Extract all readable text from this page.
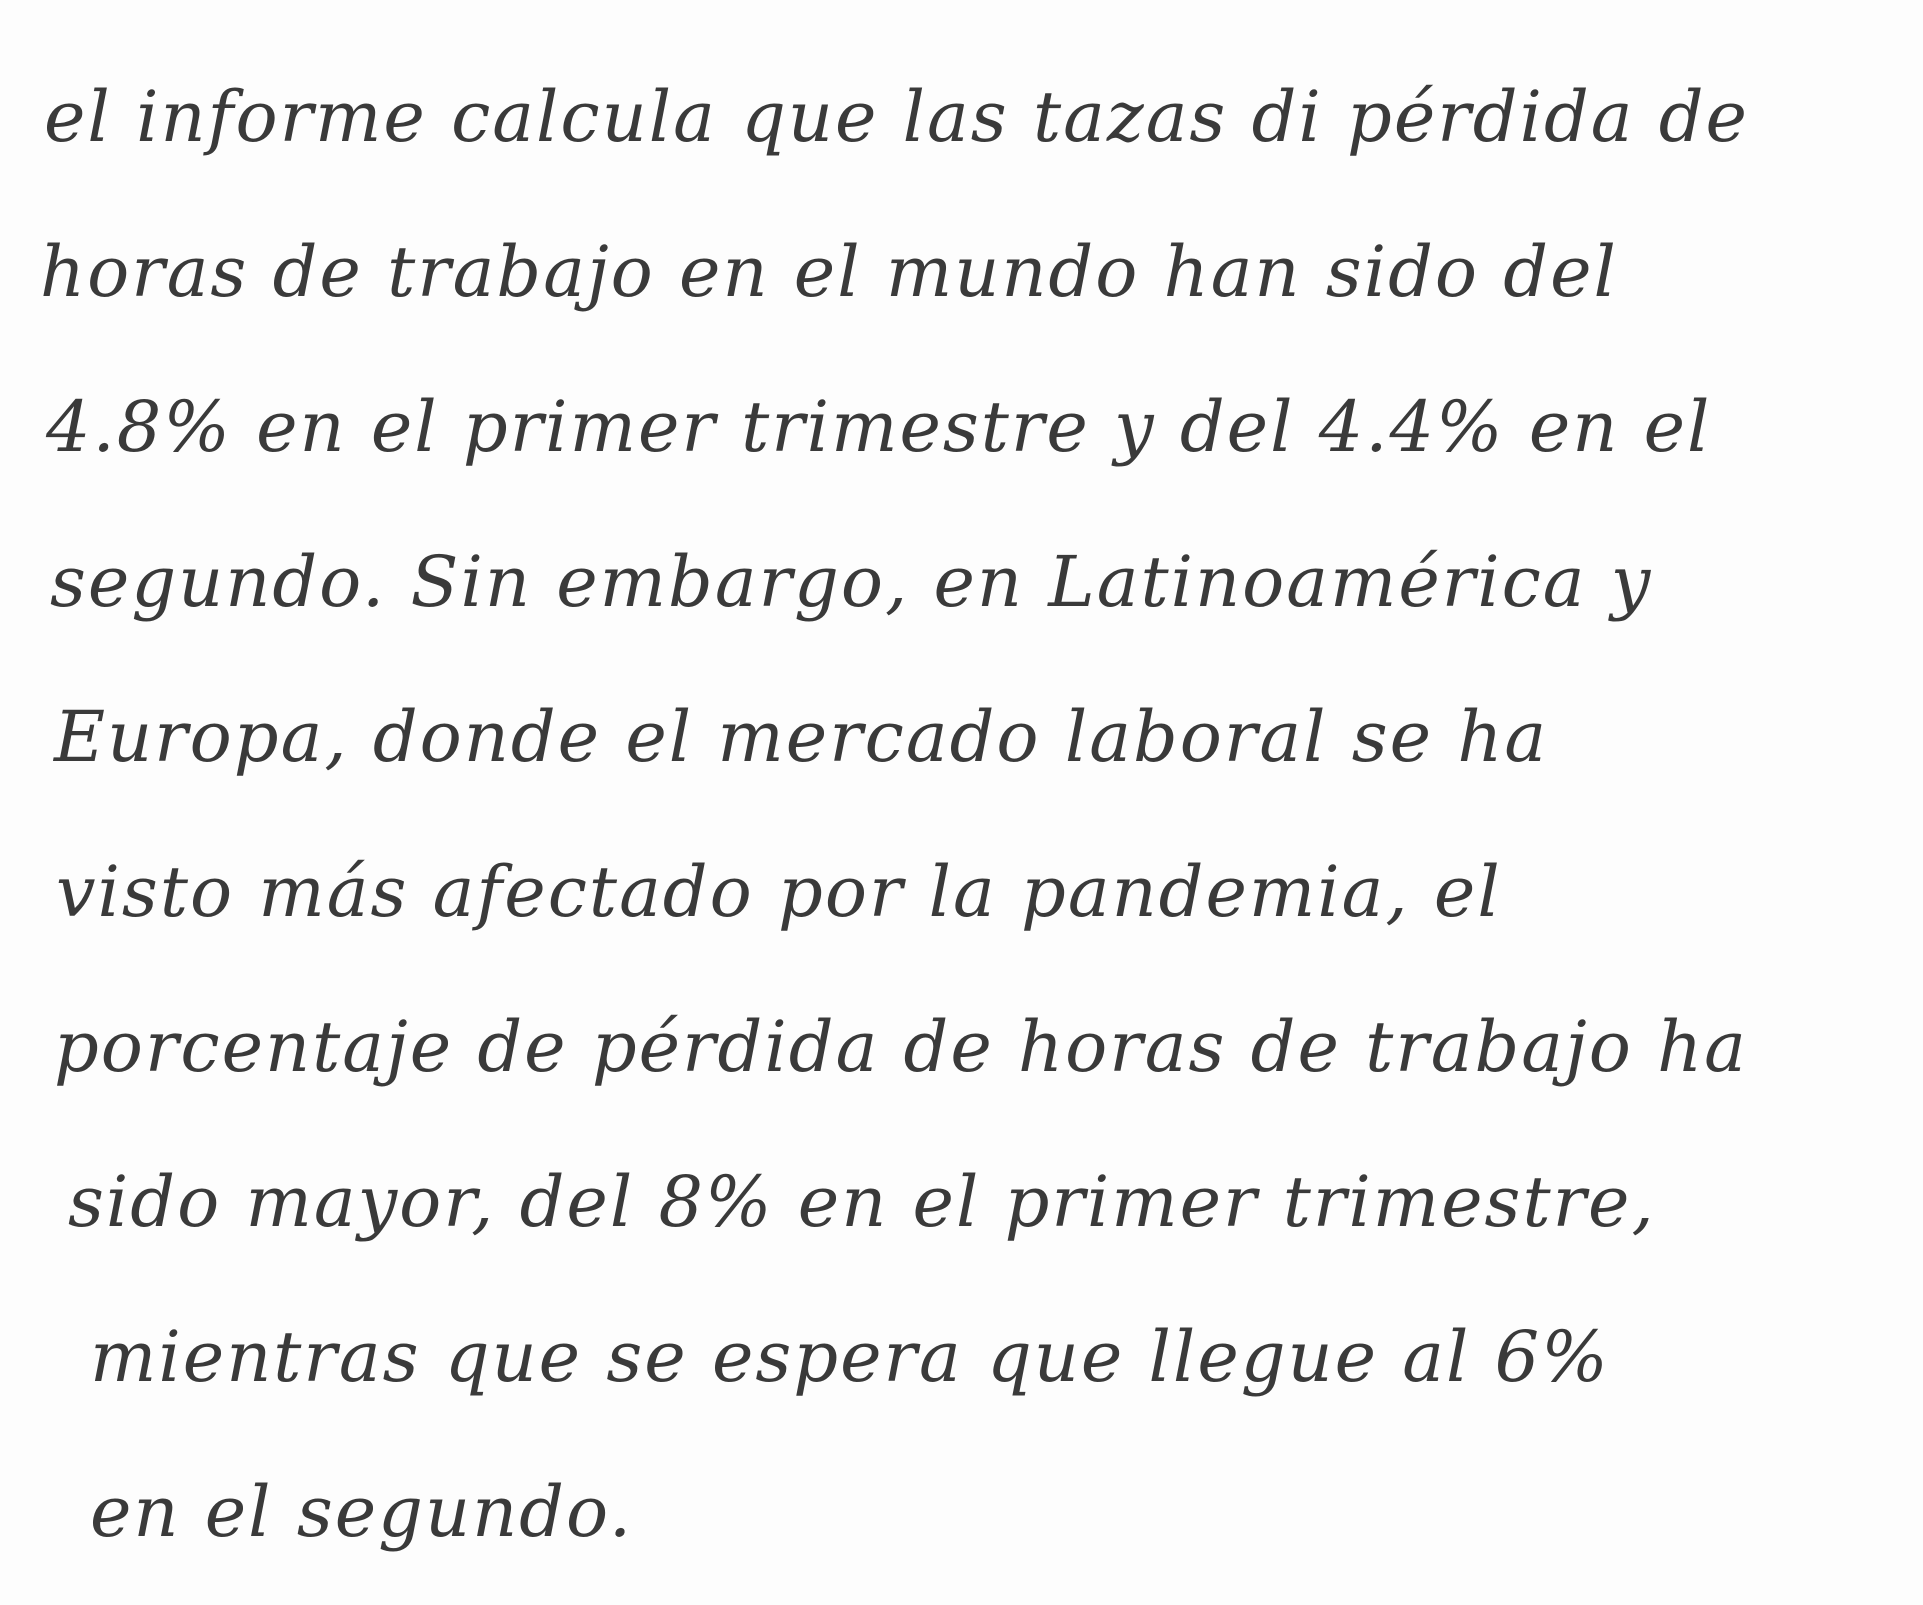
el informe calcula que las tazas di pérdida de
horas de trabajo en el mundo han sido del
4.8% en el primer trimestre y del 4.4% en el
segundo. Sin embargo, en Latinoamérica y
Europa, donde el mercado laboral se ha
visto más afectado por la pandemia, el
porcentaje de pérdida de horas de trabajo ha
sido mayor, del 8% en el primer trimestre,
mientras que se espera que llegue al 6%
en el segundo.
